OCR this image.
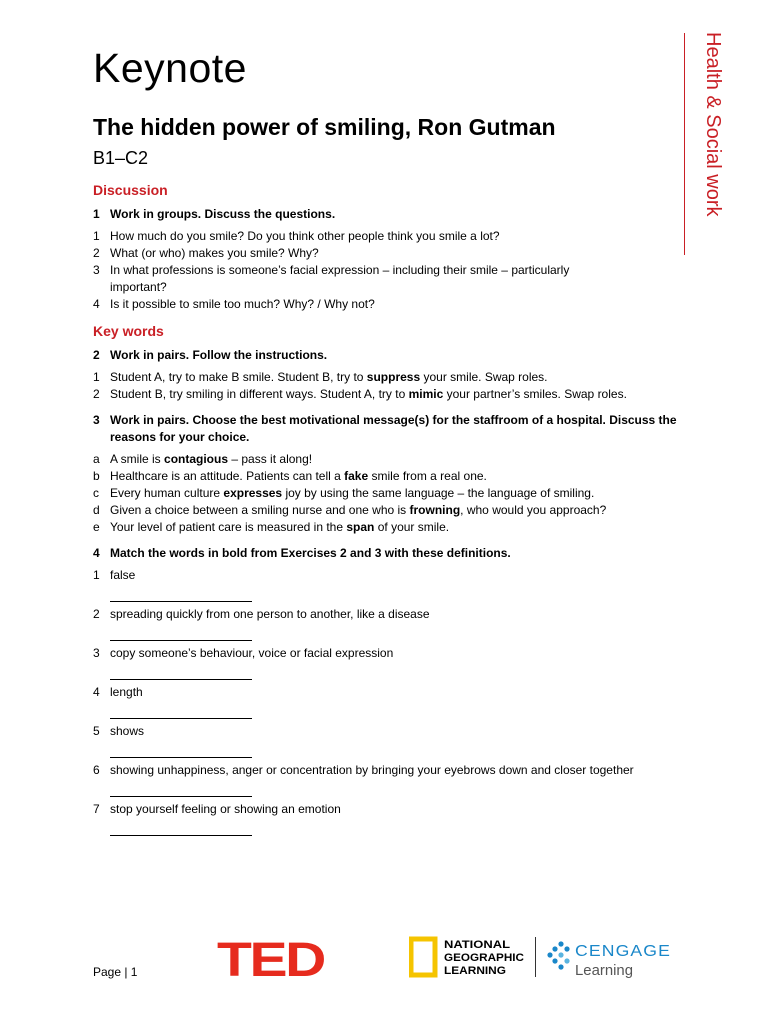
Keynote
The hidden power of smiling, Ron Gutman
B1–C2	Health & Social work
Discussion
1 Work in groups. Discuss the questions.
1 How much do you smile? Do you think other people think you smile a lot?
2 What (or who) makes you smile? Why?
3 In what professions is someone’s facial expression – including their smile – particularly important?
4 Is it possible to smile too much? Why? / Why not?
Key words
2 Work in pairs. Follow the instructions.
1 Student A, try to make B smile. Student B, try to suppress your smile. Swap roles.
2 Student B, try smiling in different ways. Student A, try to mimic your partner’s smiles. Swap roles.
3 Work in pairs. Choose the best motivational message(s) for the staffroom of a hospital. Discuss the reasons for your choice.
a A smile is contagious – pass it along!
b Healthcare is an attitude. Patients can tell a fake smile from a real one.
c Every human culture expresses joy by using the same language – the language of smiling.
d Given a choice between a smiling nurse and one who is frowning, who would you approach?
e Your level of patient care is measured in the span of your smile.
4 Match the words in bold from Exercises 2 and 3 with these definitions.
1 false
2 spreading quickly from one person to another, like a disease
3 copy someone’s behaviour, voice or facial expression
4 length
5 shows
6 showing unhappiness, anger or concentration by bringing your eyebrows down and closer together
7 stop yourself feeling or showing an emotion
Page | 1 TED	NATIONAL
GEOGRAPHIC
LEARNING
CENGAGE
Learning
